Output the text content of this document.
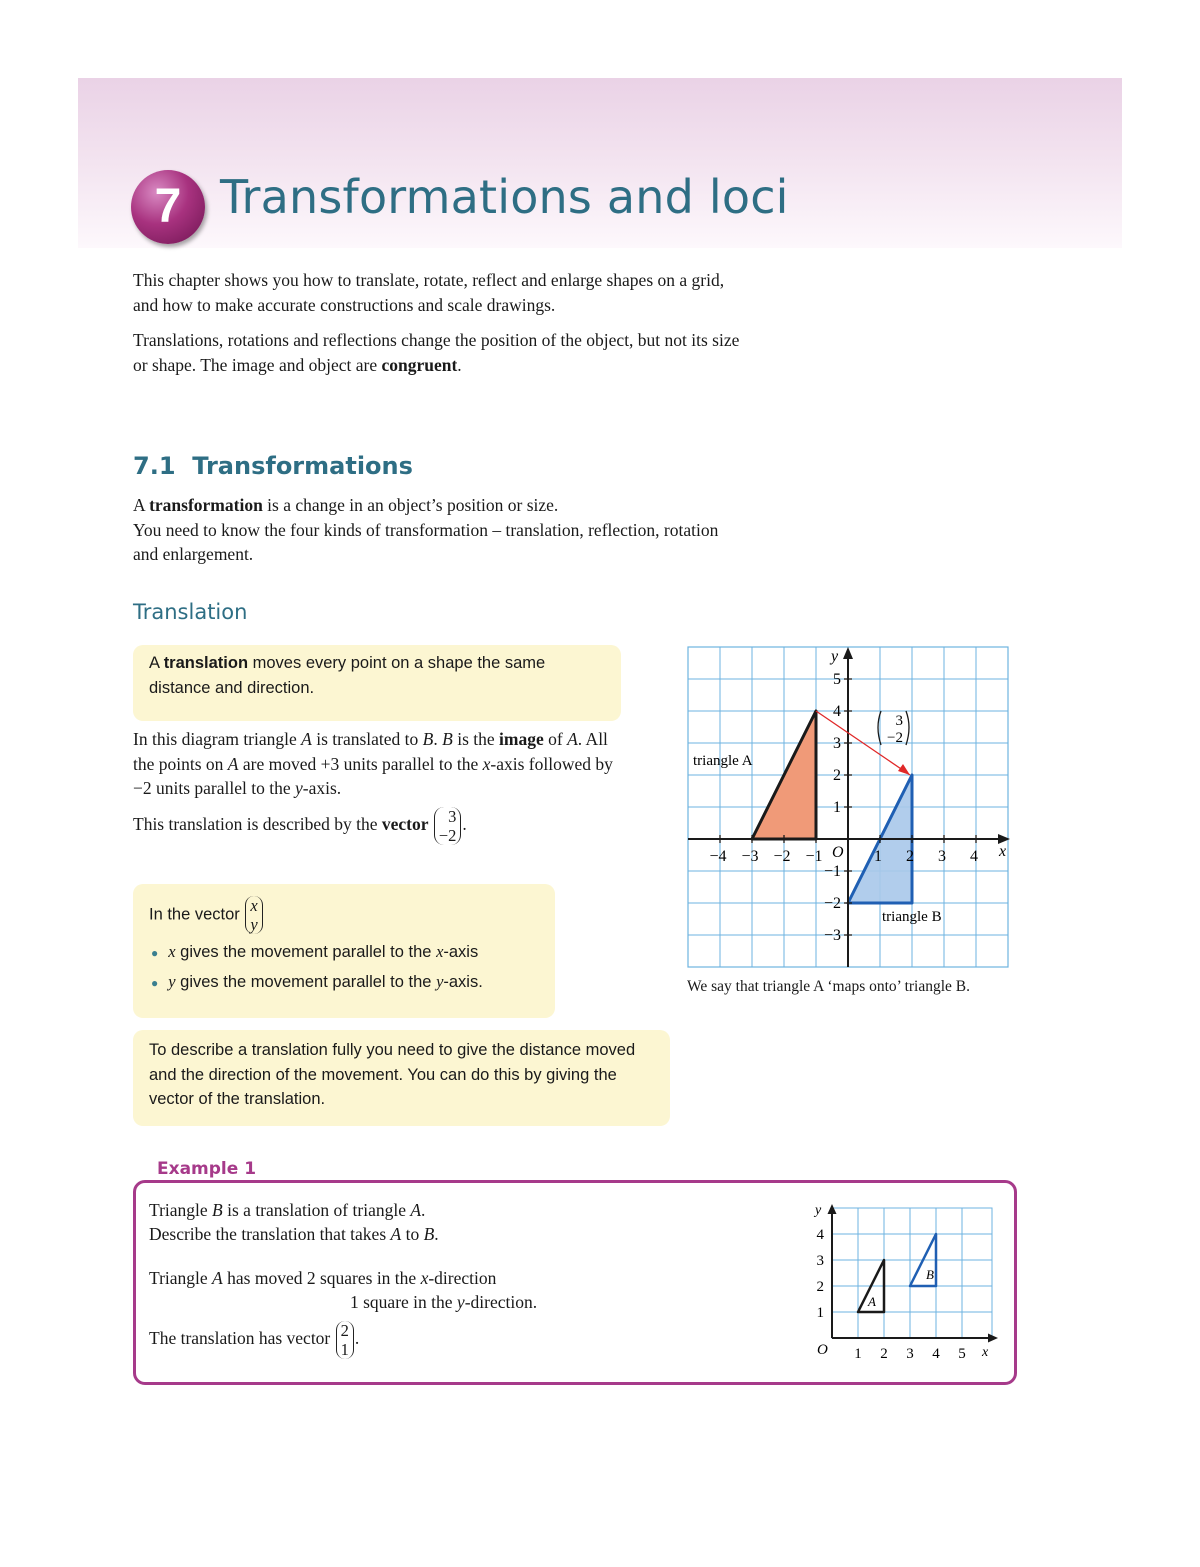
7 Transformations and loci

This chapter shows you how to translate, rotate, reflect and enlarge shapes on a grid, and how to make accurate constructions and scale drawings.

Translations, rotations and reflections change the position of the object, but not its size or shape. The image and object are congruent.

7.1 Transformations
A transformation is a change in an object’s position or size.
You need to know the four kinds of transformation – translation, reflection, rotation and enlargement.
Translation
A translation moves every point on a shape the same distance and direction.
In this diagram triangle A is translated to B. B is the image of A. All the points on A are moved +3 units parallel to the x-axis followed by −2 units parallel to the y-axis.
This translation is described by the vector	3
−2
.
In the vector x
y
● x gives the movement parallel to the x-axis
● y gives the movement parallel to the y-axis.
To describe a translation fully you need to give the distance moved and the direction of the movement. You can do this by giving the vector of the translation.
−4 −3 −2 −1	1 2 3 4
5
4
3
2
1
−1
−2
−3
O	x
y
triangle A
triangle B
3
−2
We say that triangle A ‘maps onto’ triangle B.
Example 1
Triangle B is a translation of triangle A.
Describe the translation that takes A to B.
Triangle A has moved 2 squares in the x-direction
1 square in the y-direction.
The translation has vector 2
1
.
1 2 3 4 5
1
2
3
4
O	x
y
A
B
